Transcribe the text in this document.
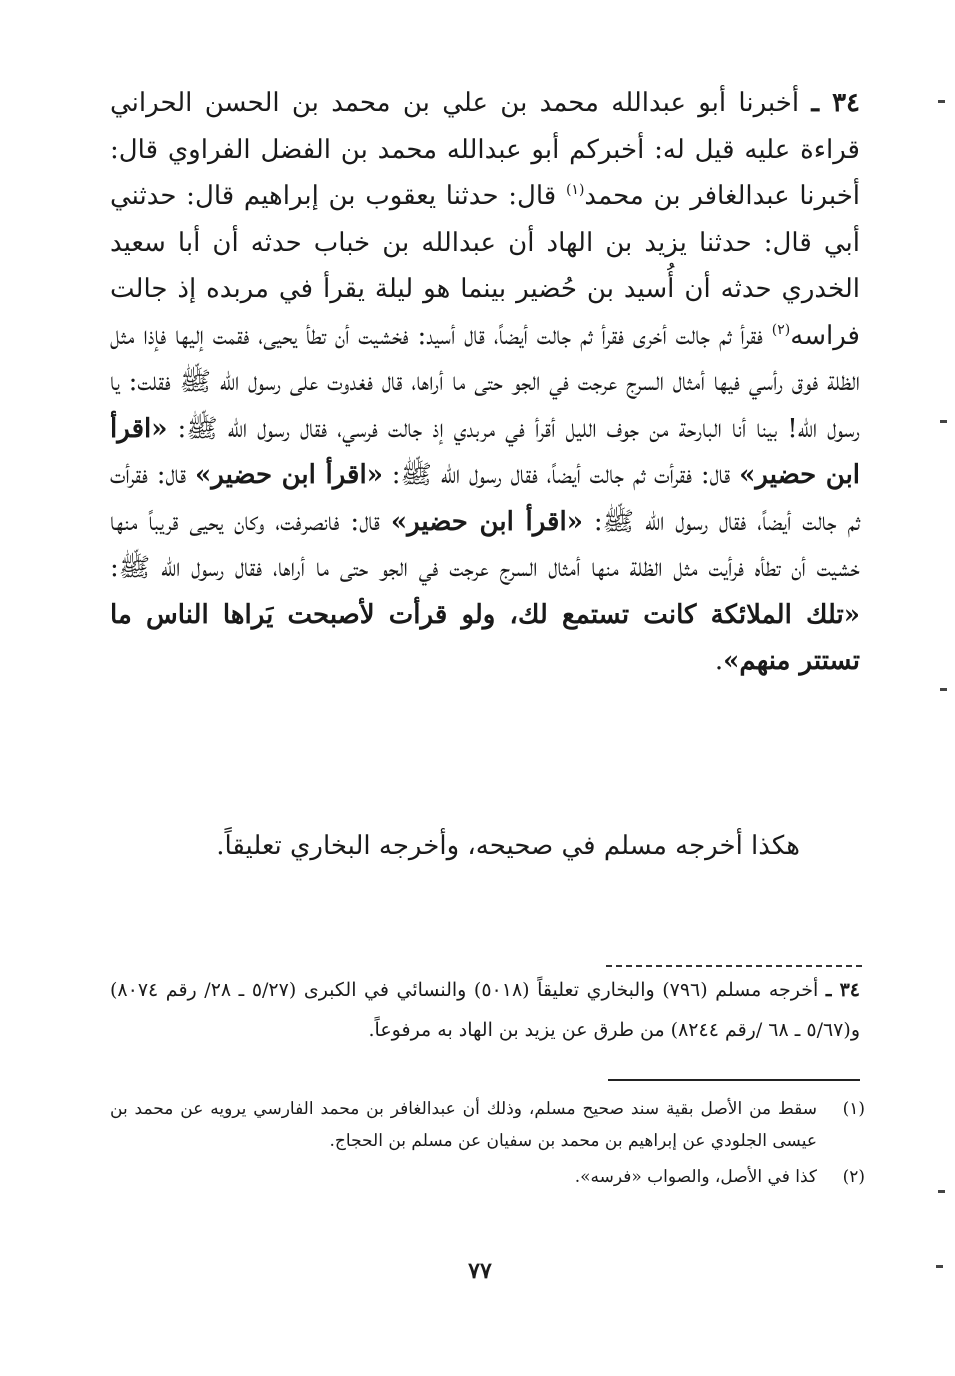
٣٤ ـ أخبرنا أبو عبدالله محمد بن علي بن محمد بن الحسن الحراني قراءة عليه قيل له: أخبركم أبو عبدالله محمد بن الفضل الفراوي قال: أخبرنا عبدالغافر بن محمد$^{(١)}$ قال: حدثنا يعقوب بن إبراهيم قال: حدثني أبي قال: حدثنا يزيد بن الهاد أن عبدالله بن خباب حدثه أن أبا سعيد الخدري حدثه أن أُسيد بن حُضير بينما هو ليلة يقرأ في مربده إذ جالت فراسه$^{(٢)}$ فقرأ ثم جالت أخرى فقرأ ثم جالت أيضاً، قال أسيد: فخشيت أن تطأ يحيى، فقمت إليها فإذا مثل الظلة فوق رأسي فيها أمثال السرج عرجت في الجو حتى ما أراها، قال فغدوت على رسول الله ﷺ فقلت: يا رسول الله! بينا أنا البارحة من جوف الليل أقرأ في مربدي إذ جالت فرسي، فقال رسول الله ﷺ: «اقرأ ابن حضير» قال: فقرأت ثم جالت أيضاً، فقال رسول الله ﷺ: «اقرأ ابن حضير» قال: فقرأت ثم جالت أيضاً، فقال رسول الله ﷺ: «اقرأ ابن حضير» قال: فانصرفت، وكان يحيى قريباً منها خشيت أن تطأه فرأيت مثل الظلة منها أمثال السرج عرجت في الجو حتى ما أراها، فقال رسول الله ﷺ: «تلك الملائكة كانت تستمع لك، ولو قرأت لأصبحت يَراها الناس ما تستتر منهم».

هكذا أخرجه مسلم في صحيحه، وأخرجه البخاري تعليقاً.
٣٤ ـ أخرجه مسلم (٧٩٦) والبخاري تعليقاً (٥٠١٨) والنسائي في الكبرى (٥/٢٧ ـ ٢٨/ رقم ٨٠٧٤) و(٥/٦٧ ـ ٦٨ /رقم ٨٢٤٤) من طرق عن يزيد بن الهاد به مرفوعاً.
(١)
سقط من الأصل بقية سند صحيح مسلم، وذلك أن عبدالغافر بن محمد الفارسي يرويه عن محمد بن عيسى الجلودي عن إبراهيم بن محمد بن سفيان عن مسلم بن الحجاج.
(٢)
كذا في الأصل، والصواب «فرسه».
٧٧
